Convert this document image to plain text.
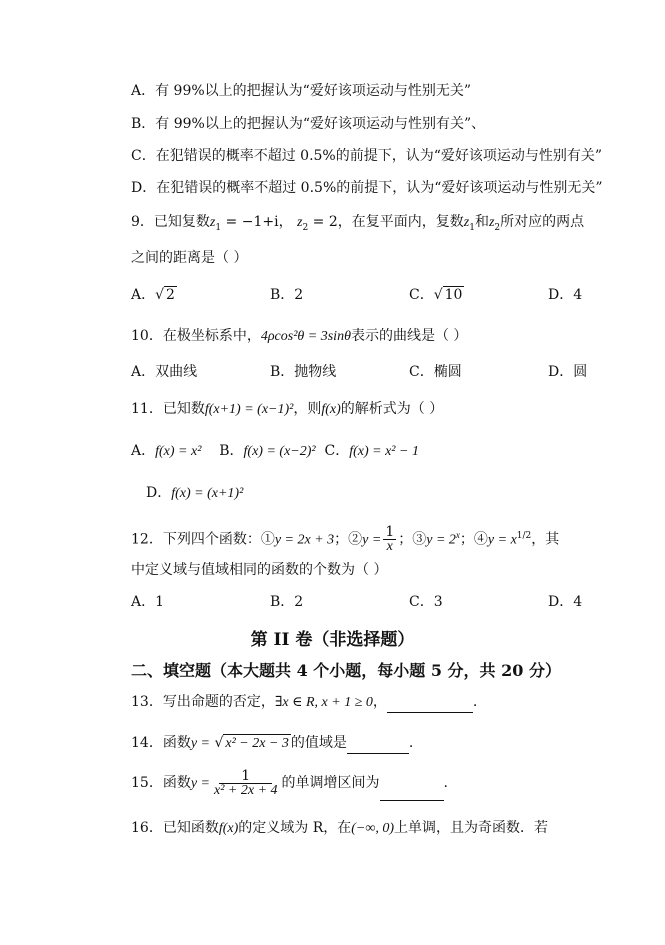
A．有 99%以上的把握认为“爱好该项运动与性别无关”
B．有 99%以上的把握认为“爱好该项运动与性别有关”、
C．在犯错误的概率不超过 0.5%的前提下，认为“爱好该项运动与性别有关”
D．在犯错误的概率不超过 0.5%的前提下，认为“爱好该项运动与性别无关”
9．已知复数$z_1 = -1+i$， $z_2 = 2$，在复平面内，复数$z_1$和$z_2$所对应的两点
之间的距离是（ ）
A．√ 2	B．2	C．√ 10	D．4
10．在极坐标系中，4ρcos²θ = 3sinθ表示的曲线是（ ）
A．双曲线	B．抛物线	C．椭圆	D．圆
11．已知数f(x+1) = (x−1)²，则f(x)的解析式为（ ）
A．f(x) = x² B．f(x) = (x−2)² C．f(x) = x² − 1
D．f(x) = (x+1)²
12．下列四个函数：①y = 2x + 3；②y = $\frac{1}{x}$ ；③y = $2^x$；④y = $x^{1/2}$，其
中定义域与值域相同的函数的个数为（ ）
A．1	B．2	C．3	D．4
第 II 卷（非选择题）
二、填空题（本大题共 4 个小题，每小题 5 分，共 20 分）
13．写出命题的否定，∃x ∈ R, x + 1 ≥ 0，	.
14．函数y = √ x² − 2x − 3 的值域是	.
15．函数$y = \frac{1}{\text{x² + 2x + 4}}$ 的单调增区间为	.
16．已知函数f(x)的定义域为 R，在(−∞, 0)上单调，且为奇函数．若
